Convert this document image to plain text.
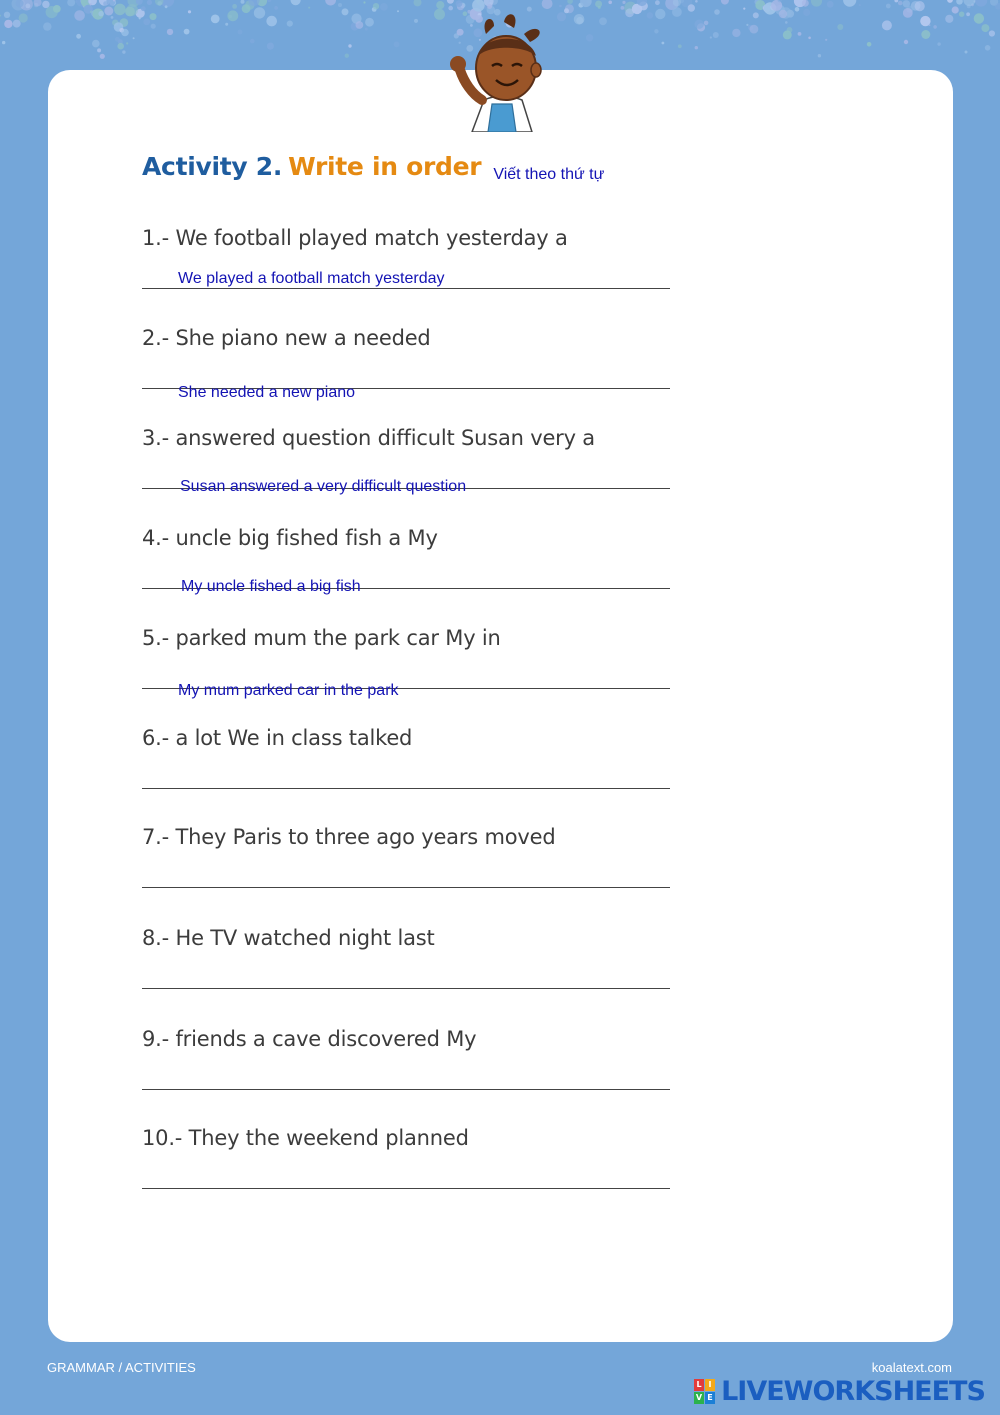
Activity 2. Write in order Viết theo thứ tự
1.- We football played match yesterday a
We played a football match yesterday
2.- She piano new a needed
She needed a new piano
3.- answered question difficult Susan very a
Susan answered a very difficult question
4.- uncle big fished fish a My
My uncle fished a big fish
5.- parked mum the park car My in
My mum parked car in the park
6.- a lot We in class talked
7.- They Paris to three ago years moved
8.- He TV watched night last
9.- friends a cave discovered My
10.- They the weekend planned
GRAMMAR / ACTIVITIES	koalatext.com
L I
V E LIVEWORKSHEETS
